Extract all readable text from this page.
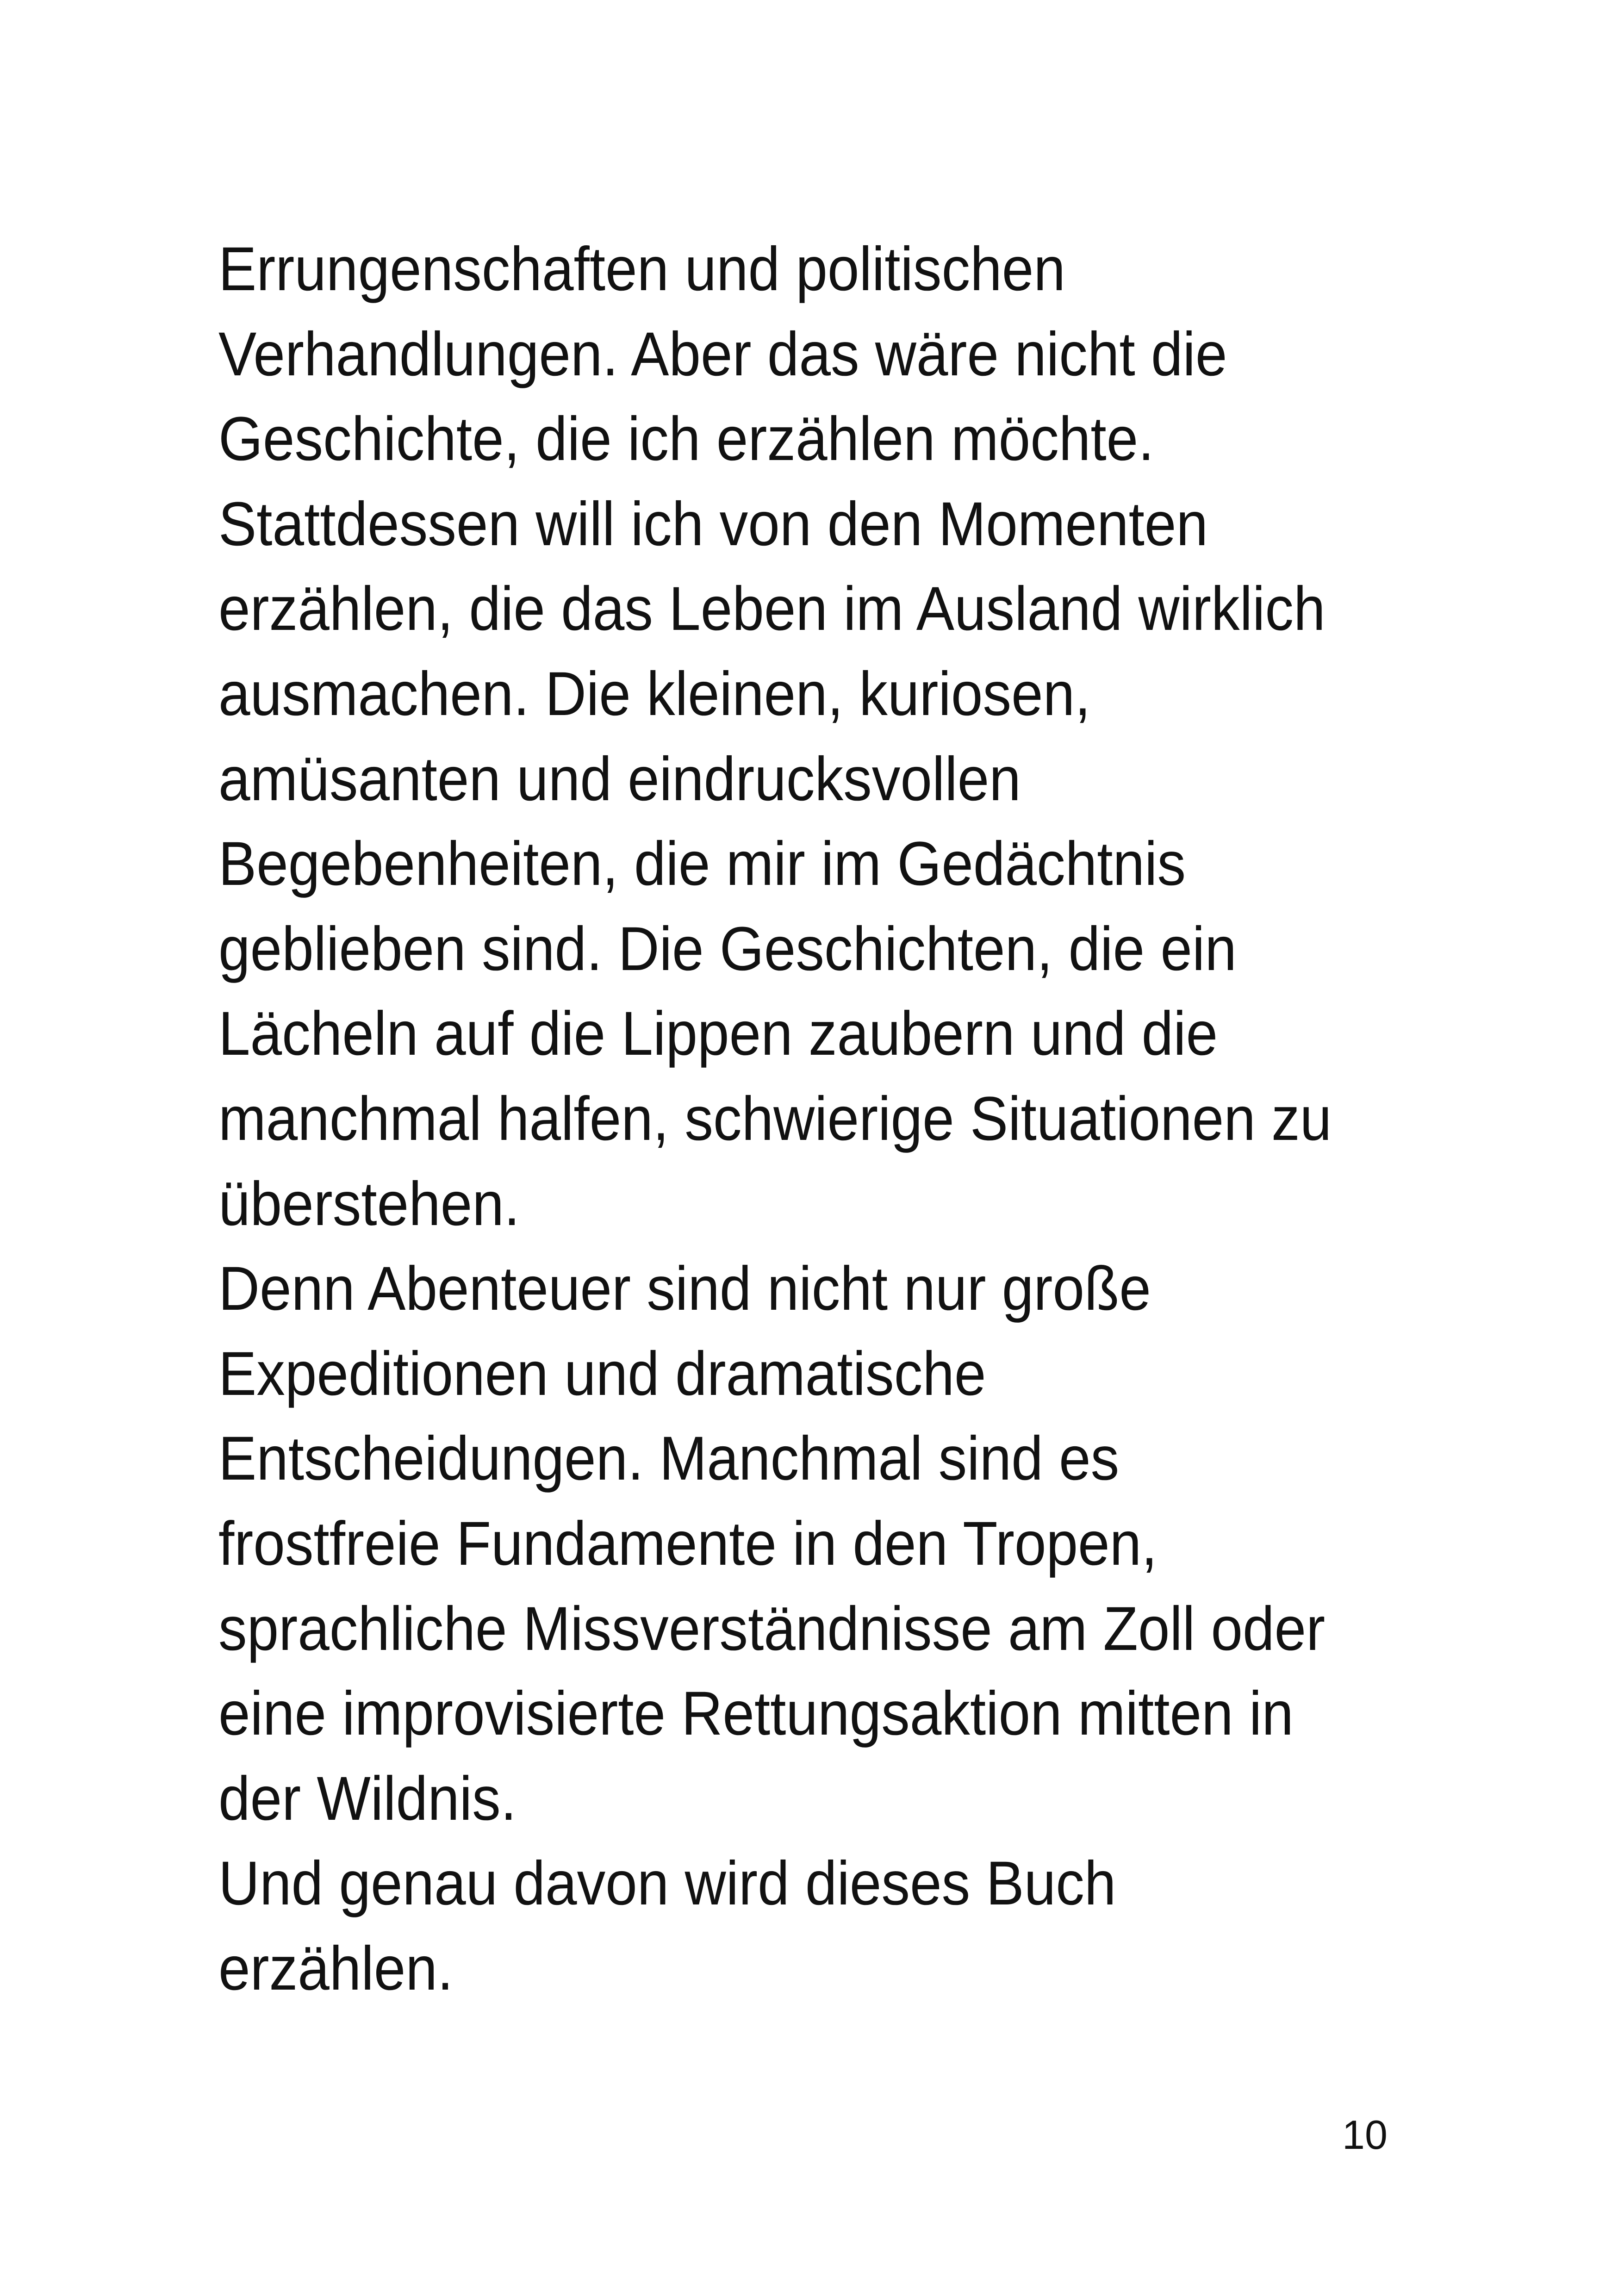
Errungenschaften und politischen
Verhandlungen. Aber das wäre nicht die
Geschichte, die ich erzählen möchte.
Stattdessen will ich von den Momenten
erzählen, die das Leben im Ausland wirklich
ausmachen. Die kleinen, kuriosen,
amüsanten und eindrucksvollen
Begebenheiten, die mir im Gedächtnis
geblieben sind. Die Geschichten, die ein
Lächeln auf die Lippen zaubern und die
manchmal halfen, schwierige Situationen zu
überstehen.
Denn Abenteuer sind nicht nur große
Expeditionen und dramatische
Entscheidungen. Manchmal sind es
frostfreie Fundamente in den Tropen,
sprachliche Missverständnisse am Zoll oder
eine improvisierte Rettungsaktion mitten in
der Wildnis.
Und genau davon wird dieses Buch
erzählen.
10
